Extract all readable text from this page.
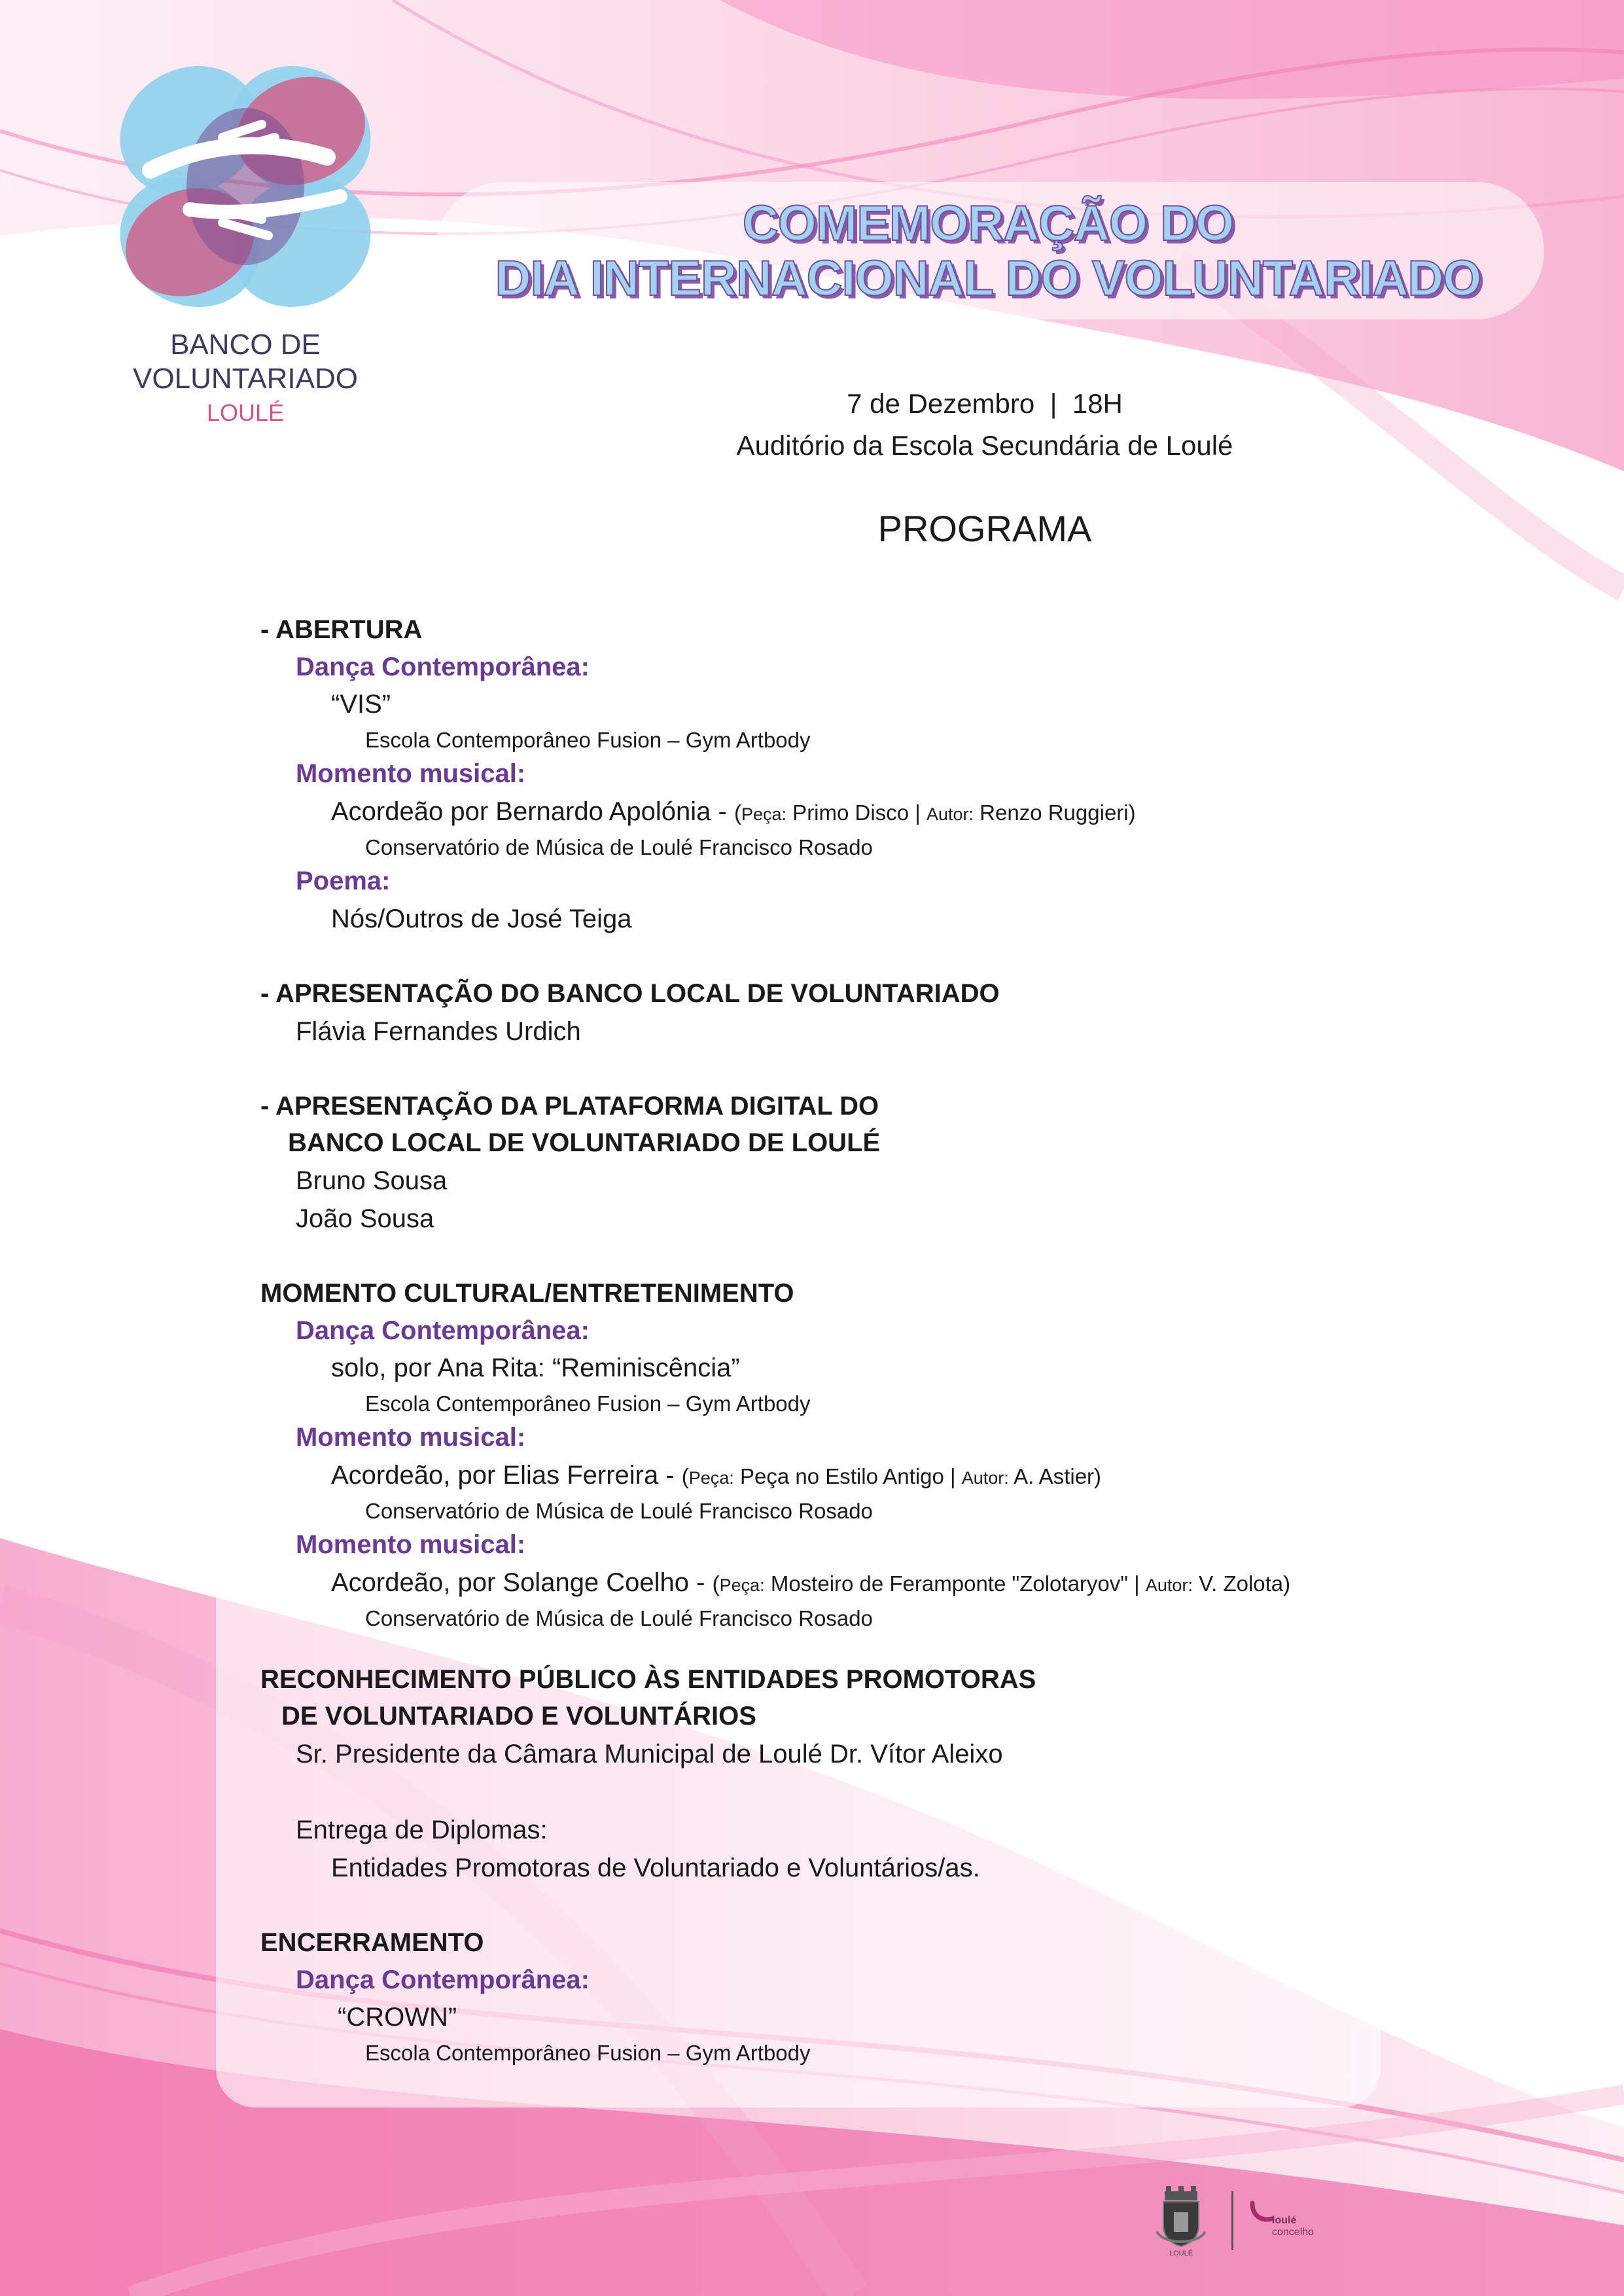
BANCO DE
VOLUNTARIADO
LOULÉ
COMEMORAÇÃO DO
DIA INTERNACIONAL DO VOLUNTARIADO
7 de Dezembro  |  18H
Auditório da Escola Secundária de Loulé
PROGRAMA
- ABERTURA
Dança Contemporânea:
“VIS”
Escola Contemporâneo Fusion – Gym Artbody
Momento musical:
Acordeão por Bernardo Apolónia - (Peça: Primo Disco | Autor: Renzo Ruggieri)
Conservatório de Música de Loulé Francisco Rosado
Poema:
Nós/Outros de José Teiga
- APRESENTAÇÃO DO BANCO LOCAL DE VOLUNTARIADO
Flávia Fernandes Urdich
- APRESENTAÇÃO DA PLATAFORMA DIGITAL DO
BANCO LOCAL DE VOLUNTARIADO DE LOULÉ
Bruno Sousa
João Sousa
MOMENTO CULTURAL/ENTRETENIMENTO
Dança Contemporânea:
solo, por Ana Rita: “Reminiscência”
Escola Contemporâneo Fusion – Gym Artbody
Momento musical:
Acordeão, por Elias Ferreira - (Peça: Peça no Estilo Antigo | Autor: A. Astier)
Conservatório de Música de Loulé Francisco Rosado
Momento musical:
Acordeão, por Solange Coelho - (Peça: Mosteiro de Feramponte "Zolotaryov" | Autor: V. Zolota)
Conservatório de Música de Loulé Francisco Rosado
RECONHECIMENTO PÚBLICO ÀS ENTIDADES PROMOTORAS
DE VOLUNTARIADO E VOLUNTÁRIOS
Sr. Presidente da Câmara Municipal de Loulé Dr. Vítor Aleixo
Entrega de Diplomas:
Entidades Promotoras de Voluntariado e Voluntários/as.
ENCERRAMENTO
Dança Contemporânea:
“CROWN”
Escola Contemporâneo Fusion – Gym Artbody
LOULÉ
loulé
concelho
